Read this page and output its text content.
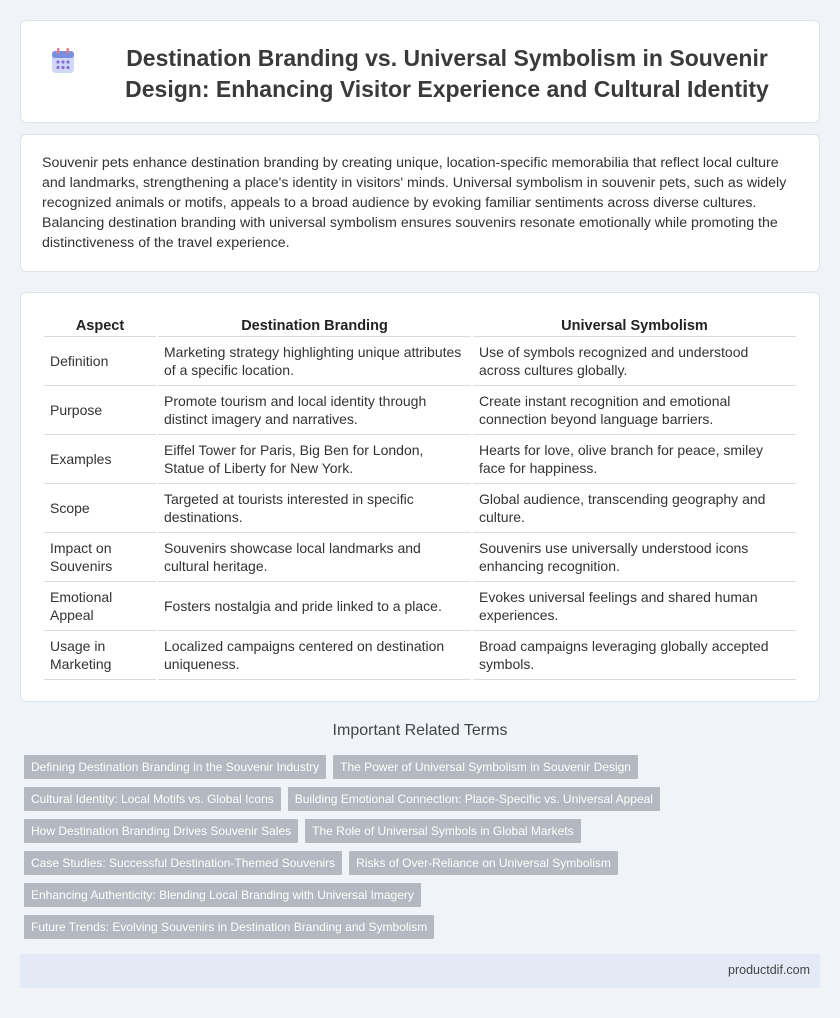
Destination Branding vs. Universal Symbolism in Souvenir Design: Enhancing Visitor Experience and Cultural Identity

Souvenir pets enhance destination branding by creating unique, location-specific memorabilia that reflect local culture and landmarks, strengthening a place's identity in visitors' minds. Universal symbolism in souvenir pets, such as widely recognized animals or motifs, appeals to a broad audience by evoking familiar sentiments across diverse cultures. Balancing destination branding with universal symbolism ensures souvenirs resonate emotionally while promoting the distinctiveness of the travel experience.

Aspect	Destination Branding	Universal Symbolism
Definition	Marketing strategy highlighting unique attributes of a specific location.	Use of symbols recognized and understood across cultures globally.
Purpose	Promote tourism and local identity through distinct imagery and narratives.	Create instant recognition and emotional connection beyond language barriers.
Examples	Eiffel Tower for Paris, Big Ben for London, Statue of Liberty for New York.	Hearts for love, olive branch for peace, smiley face for happiness.
Scope	Targeted at tourists interested in specific destinations.	Global audience, transcending geography and culture.
Impact on Souvenirs	Souvenirs showcase local landmarks and cultural heritage.	Souvenirs use universally understood icons enhancing recognition.
Emotional Appeal	Fosters nostalgia and pride linked to a place.	Evokes universal feelings and shared human experiences.
Usage in Marketing	Localized campaigns centered on destination uniqueness.	Broad campaigns leveraging globally accepted symbols.
Important Related Terms
Defining Destination Branding in the Souvenir Industry	The Power of Universal Symbolism in Souvenir Design
Cultural Identity: Local Motifs vs. Global Icons	Building Emotional Connection: Place-Specific vs. Universal Appeal
How Destination Branding Drives Souvenir Sales	The Role of Universal Symbols in Global Markets
Case Studies: Successful Destination-Themed Souvenirs	Risks of Over-Reliance on Universal Symbolism
Enhancing Authenticity: Blending Local Branding with Universal Imagery
Future Trends: Evolving Souvenirs in Destination Branding and Symbolism
productdif.com
